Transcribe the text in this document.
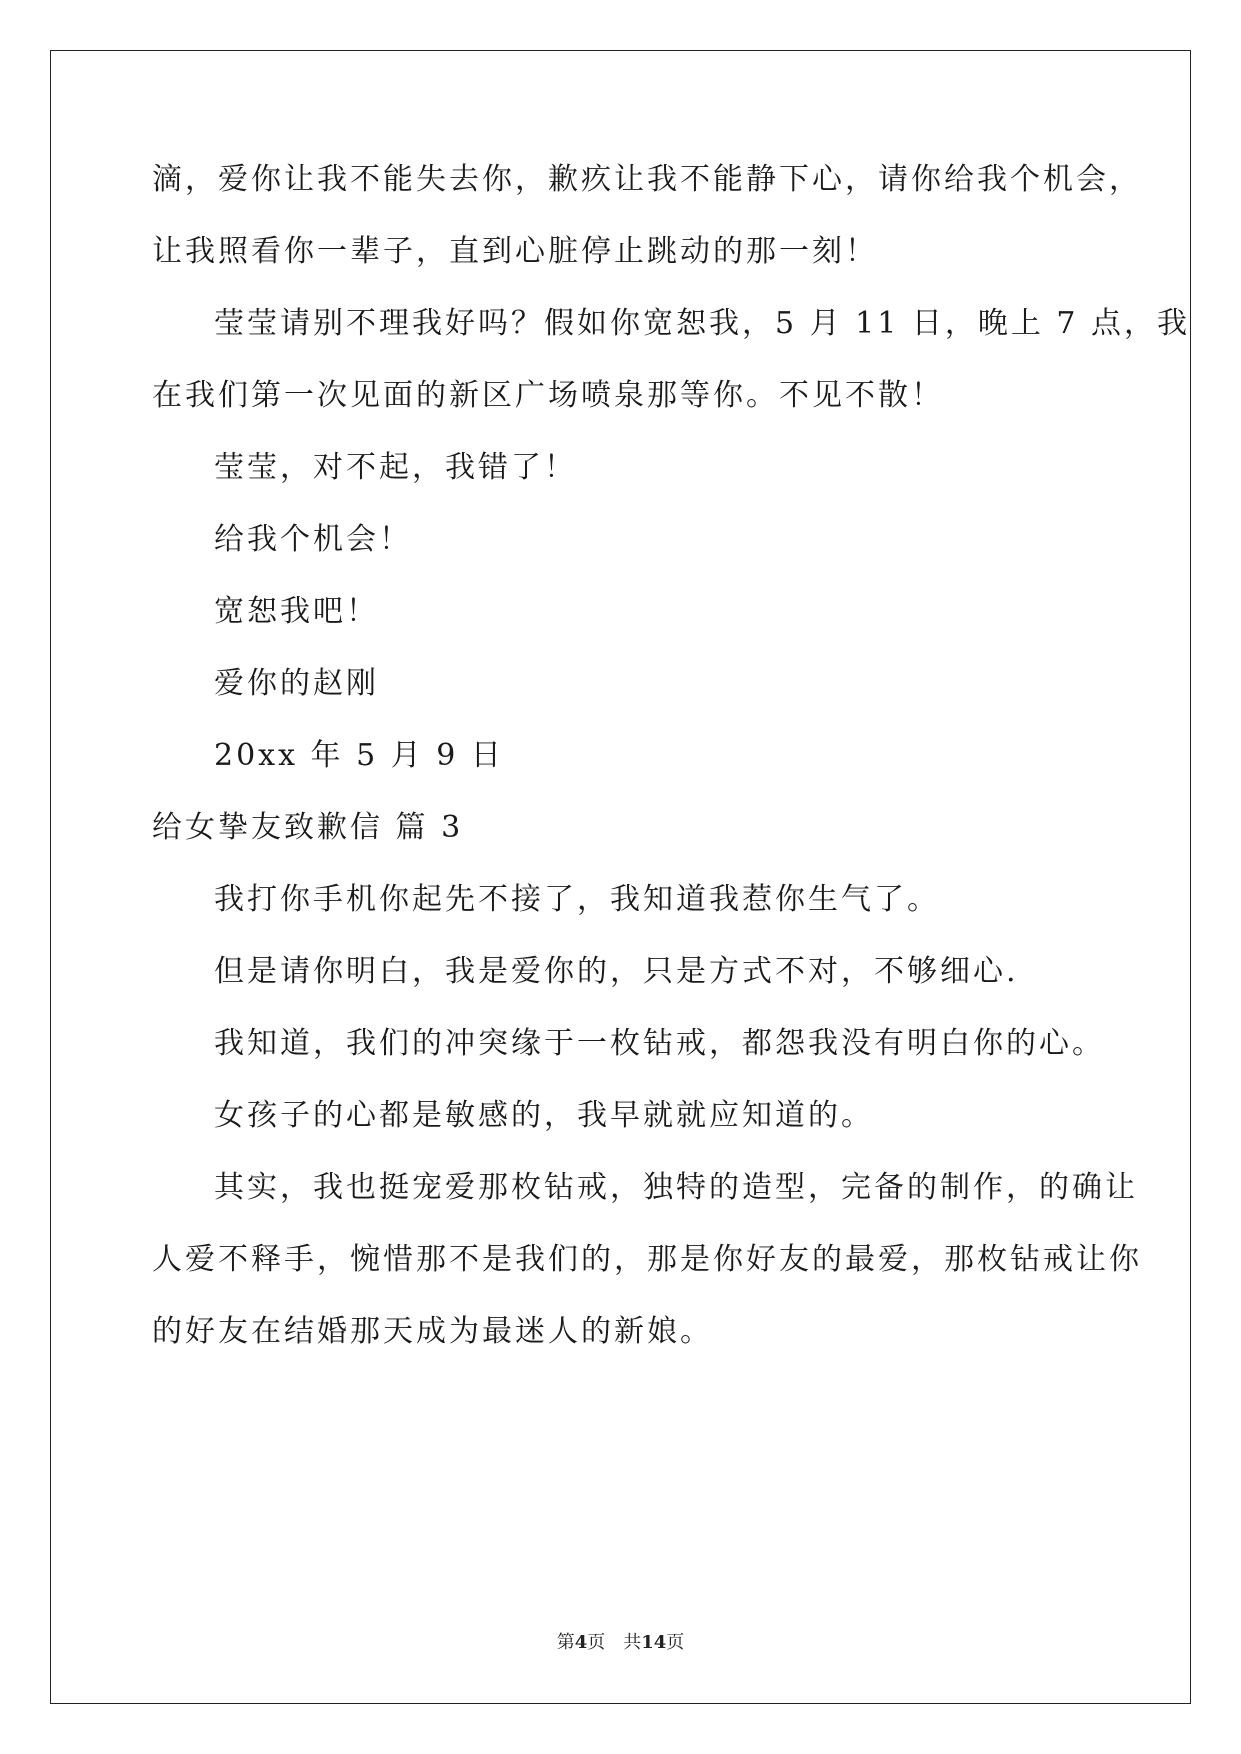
滴，爱你让我不能失去你，歉疚让我不能静下心，请你给我个机会，
让我照看你一辈子，直到心脏停止跳动的那一刻！
莹莹请别不理我好吗？假如你宽恕我，5 月 11 日，晚上 7 点，我
在我们第一次见面的新区广场喷泉那等你。不见不散！
莹莹，对不起，我错了！
给我个机会！
宽恕我吧！
爱你的赵刚
20xx 年 5 月 9 日
给女挚友致歉信 篇 3
我打你手机你起先不接了，我知道我惹你生气了。
但是请你明白，我是爱你的，只是方式不对，不够细心.
我知道，我们的冲突缘于一枚钻戒，都怨我没有明白你的心。
女孩子的心都是敏感的，我早就就应知道的。
其实，我也挺宠爱那枚钻戒，独特的造型，完备的制作，的确让
人爱不释手，惋惜那不是我们的，那是你好友的最爱，那枚钻戒让你
的好友在结婚那天成为最迷人的新娘。
第4页　共14页
